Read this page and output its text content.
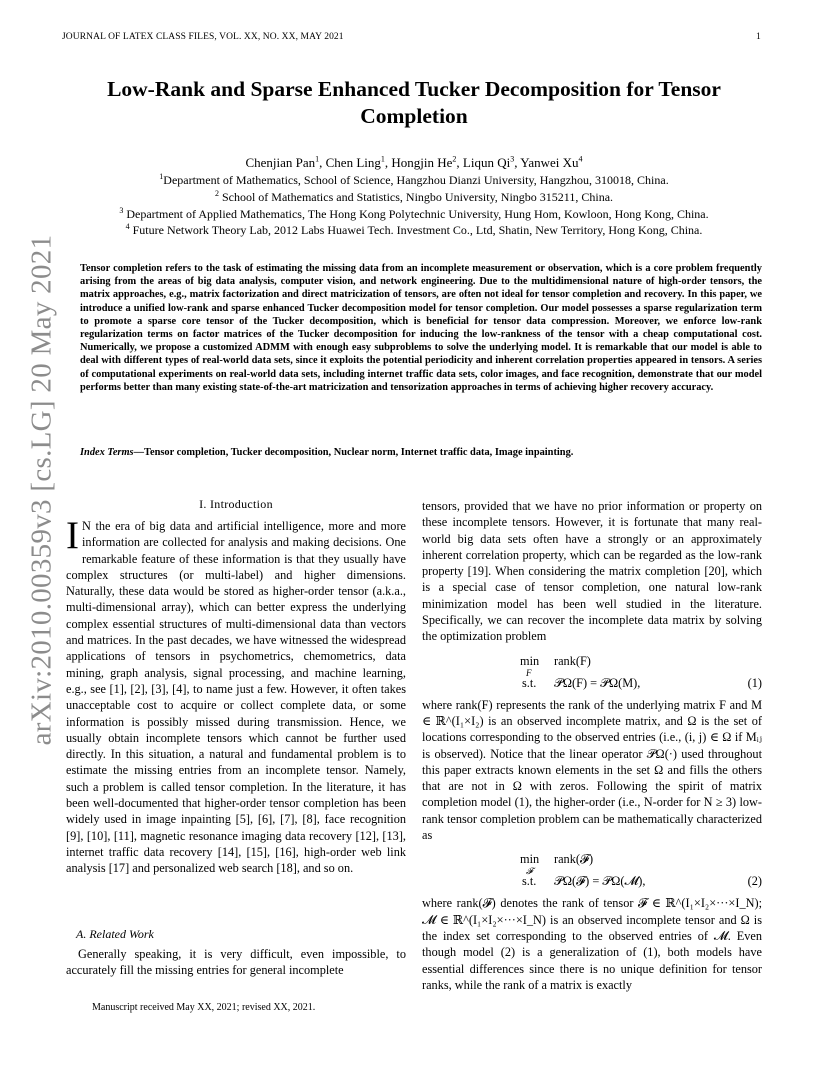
JOURNAL OF LATEX CLASS FILES, VOL. XX, NO. XX, MAY 2021	1
Low-Rank and Sparse Enhanced Tucker Decomposition for Tensor Completion
Chenjian Pan$^1$, Chen Ling$^1$, Hongjin He$^2$, Liqun Qi$^3$, Yanwei Xu$^4$
$^1$Department of Mathematics, School of Science, Hangzhou Dianzi University, Hangzhou, 310018, China.
$^2$ School of Mathematics and Statistics, Ningbo University, Ningbo 315211, China.
$^3$ Department of Applied Mathematics, The Hong Kong Polytechnic University, Hung Hom, Kowloon, Hong Kong, China.
$^4$ Future Network Theory Lab, 2012 Labs Huawei Tech. Investment Co., Ltd, Shatin, New Territory, Hong Kong, China.
Tensor completion refers to the task of estimating the missing data from an incomplete measurement or observation, which is a core problem frequently arising from the areas of big data analysis, computer vision, and network engineering. Due to the multidimensional nature of high-order tensors, the matrix approaches, e.g., matrix factorization and direct matricization of tensors, are often not ideal for tensor completion and recovery. In this paper, we introduce a unified low-rank and sparse enhanced Tucker decomposition model for tensor completion. Our model possesses a sparse regularization term to promote a sparse core tensor of the Tucker decomposition, which is beneficial for tensor data compression. Moreover, we enforce low-rank regularization terms on factor matrices of the Tucker decomposition for inducing the low-rankness of the tensor with a cheap computational cost. Numerically, we propose a customized ADMM with enough easy subproblems to solve the underlying model. It is remarkable that our model is able to deal with different types of real-world data sets, since it exploits the potential periodicity and inherent correlation properties appeared in tensors. A series of computational experiments on real-world data sets, including internet traffic data sets, color images, and face recognition, demonstrate that our model performs better than many existing state-of-the-art matricization and tensorization approaches in terms of achieving higher recovery accuracy.
Index Terms—Tensor completion, Tucker decomposition, Nuclear norm, Internet traffic data, Image inpainting.
arXiv:2010.00359v3 [cs.LG] 20 May 2021	I. Introduction
I N the era of big data and artificial intelligence, more and more information are collected for analysis and making decisions. One remarkable feature of these information is that they usually have complex structures (or multi-label) and higher dimensions. Naturally, these data would be stored as higher-order tensor (a.k.a., multi-dimensional array), which can better express the underlying complex essential structures of multi-dimensional data than vectors and matrices. In the past decades, we have witnessed the widespread applications of tensors in psychometrics, chemometrics, data mining, graph analysis, signal processing, and machine learning, e.g., see [1], [2], [3], [4], to name just a few. However, it often takes unacceptable cost to acquire or collect complete data, or some information is possibly missed during transmission. Hence, we usually obtain incomplete tensors which cannot be further used directly. In this situation, a natural and fundamental problem is to estimate the missing entries from an incomplete tensor. Namely, such a problem is called tensor completion. In the literature, it has been well-documented that higher-order tensor completion has been widely used in image inpainting [5], [6], [7], [8], face recognition [9], [10], [11], magnetic resonance imaging data recovery [12], [13], internet traffic data recovery [14], [15], [16], high-order web link analysis [17] and personalized web search [18], and so on.
A. Related Work
Generally speaking, it is very difficult, even impossible, to accurately fill the missing entries for general incomplete
Manuscript received May XX, 2021; revised XX, 2021.

tensors, provided that we have no prior information or property on these incomplete tensors. However, it is fortunate that many real-world big data sets often have a strongly or an approximately inherent correlation property, which can be regarded as the low-rank property [19]. When considering the matrix completion [20], which is a special case of tensor completion, one natural low-rank minimization model has been well studied in the literature. Specifically, we can recover the incomplete data matrix by solving the optimization problem

min
F
rank(F)
s.t. 𝒫Ω(F) = 𝒫Ω(M),	(1)

where rank(F) represents the rank of the underlying matrix F and M ∈ ℝ^(I₁×I₂) is an observed incomplete matrix, and Ω is the set of locations corresponding to the observed entries (i.e., (i, j) ∈ Ω if Mᵢⱼ is observed). Notice that the linear operator 𝒫Ω(·) used throughout this paper extracts known elements in the set Ω and fills the others that are not in Ω with zeros. Following the spirit of matrix completion model (1), the higher-order (i.e., N-order for N ≥ 3) low-rank tensor completion problem can be mathematically characterized as

min
𝓕
rank(𝓕)
s.t. 𝒫Ω(𝓕) = 𝒫Ω(𝓜),	(2)

where rank(𝓕) denotes the rank of tensor 𝓕 ∈ ℝ^(I₁×I₂×···×I_N); 𝓜 ∈ ℝ^(I₁×I₂×···×I_N) is an observed incomplete tensor and Ω is the index set corresponding to the observed entries of 𝓜. Even though model (2) is a generalization of (1), both models have essential differences since there is no unique definition for tensor ranks, while the rank of a matrix is exactly
